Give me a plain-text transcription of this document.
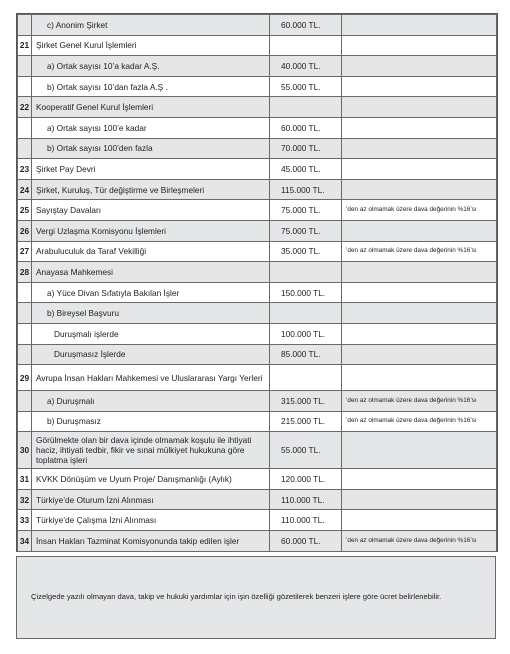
	c) Anonim Şirket	60.000 TL.	
21	Şirket Genel Kurul İşlemleri		
	a) Ortak sayısı 10’a kadar A.Ş.	40.000 TL.	
	b) Ortak sayısı 10’dan fazla A.Ş .	55.000 TL.	
22	Kooperatif Genel Kurul İşlemleri		
	a) Ortak sayısı 100’e kadar	60.000 TL.	
	b) Ortak sayısı 100’den fazla	70.000 TL.	
23	Şirket Pay Devri	45.000 TL.	
24	Şirket, Kuruluş, Tür değiştirme ve Birleşmeleri	115.000 TL.	
25	Sayıştay Davaları	75.000 TL.	’den az olmamak üzere dava değerinin %16’sı
26	Vergi Uzlaşma Komisyonu İşlemleri	75.000 TL.	
27	Arabuluculuk da Taraf Vekilliği	35.000 TL.	’den az olmamak üzere dava değerinin %16’sı
28	Anayasa Mahkemesi		
	a) Yüce Divan Sıfatıyla Bakılan İşler	150.000 TL.	
	b) Bireysel Başvuru		
	Duruşmalı işlerde	100.000 TL.	
	Duruşmasız İşlerde	85.000 TL.	
29	Avrupa İnsan Hakları Mahkemesi ve Uluslararası Yargı Yerleri		
	a) Duruşmalı	315.000 TL.	’den az olmamak üzere dava değerinin %16’sı
	b) Duruşmasız	215.000 TL.	’den az olmamak üzere dava değerinin %16’sı
30	Görülmekte olan bir dava içinde olmamak koşulu ile ihtiyati haciz, ihtiyati tedbir, fikir ve sınai mülkiyet hukukuna göre toplatma işleri	55.000 TL.	
31	KVKK Dönüşüm ve Uyum Proje/ Danışmanlığı (Aylık)	120.000 TL.	
32	Türkiye’de Oturum İzni Alınması	110.000 TL.	
33	Türkiye’de Çalışma İzni Alınması	110.000 TL.	
34	İnsan Hakları Tazminat Komisyonunda takip edilen işler	60.000 TL.	’den az olmamak üzere dava değerinin %16’sı

Çizelgede yazılı olmayan dava, takip ve hukuki yardımlar için işin özelliği gözetilerek benzeri işlere göre ücret belirlenebilir.
